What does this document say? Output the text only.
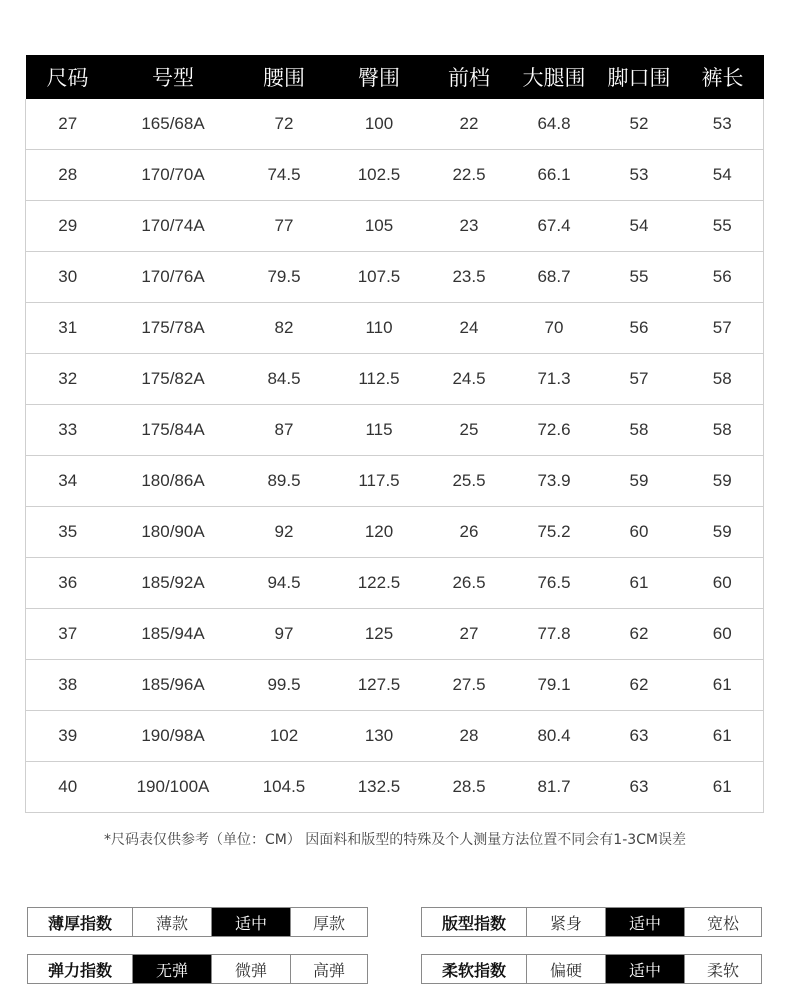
尺码	号型	腰围	臀围	前档	大腿围	脚口围	裤长
27	165/68A	72	100	22	64.8	52	53
28	170/70A	74.5	102.5	22.5	66.1	53	54
29	170/74A	77	105	23	67.4	54	55
30	170/76A	79.5	107.5	23.5	68.7	55	56
31	175/78A	82	110	24	70	56	57
32	175/82A	84.5	112.5	24.5	71.3	57	58
33	175/84A	87	115	25	72.6	58	58
34	180/86A	89.5	117.5	25.5	73.9	59	59
35	180/90A	92	120	26	75.2	60	59
36	185/92A	94.5	122.5	26.5	76.5	61	60
37	185/94A	97	125	27	77.8	62	60
38	185/96A	99.5	127.5	27.5	79.1	62	61
39	190/98A	102	130	28	80.4	63	61
40	190/100A	104.5	132.5	28.5	81.7	63	61
*尺码表仅供参考（单位：CM） 因面料和版型的特殊及个人测量方法位置不同会有1-3CM误差
薄厚指数	薄款	适中	厚款	版型指数	紧身	适中	宽松
弹力指数	无弹	微弹	高弹	柔软指数	偏硬	适中	柔软
